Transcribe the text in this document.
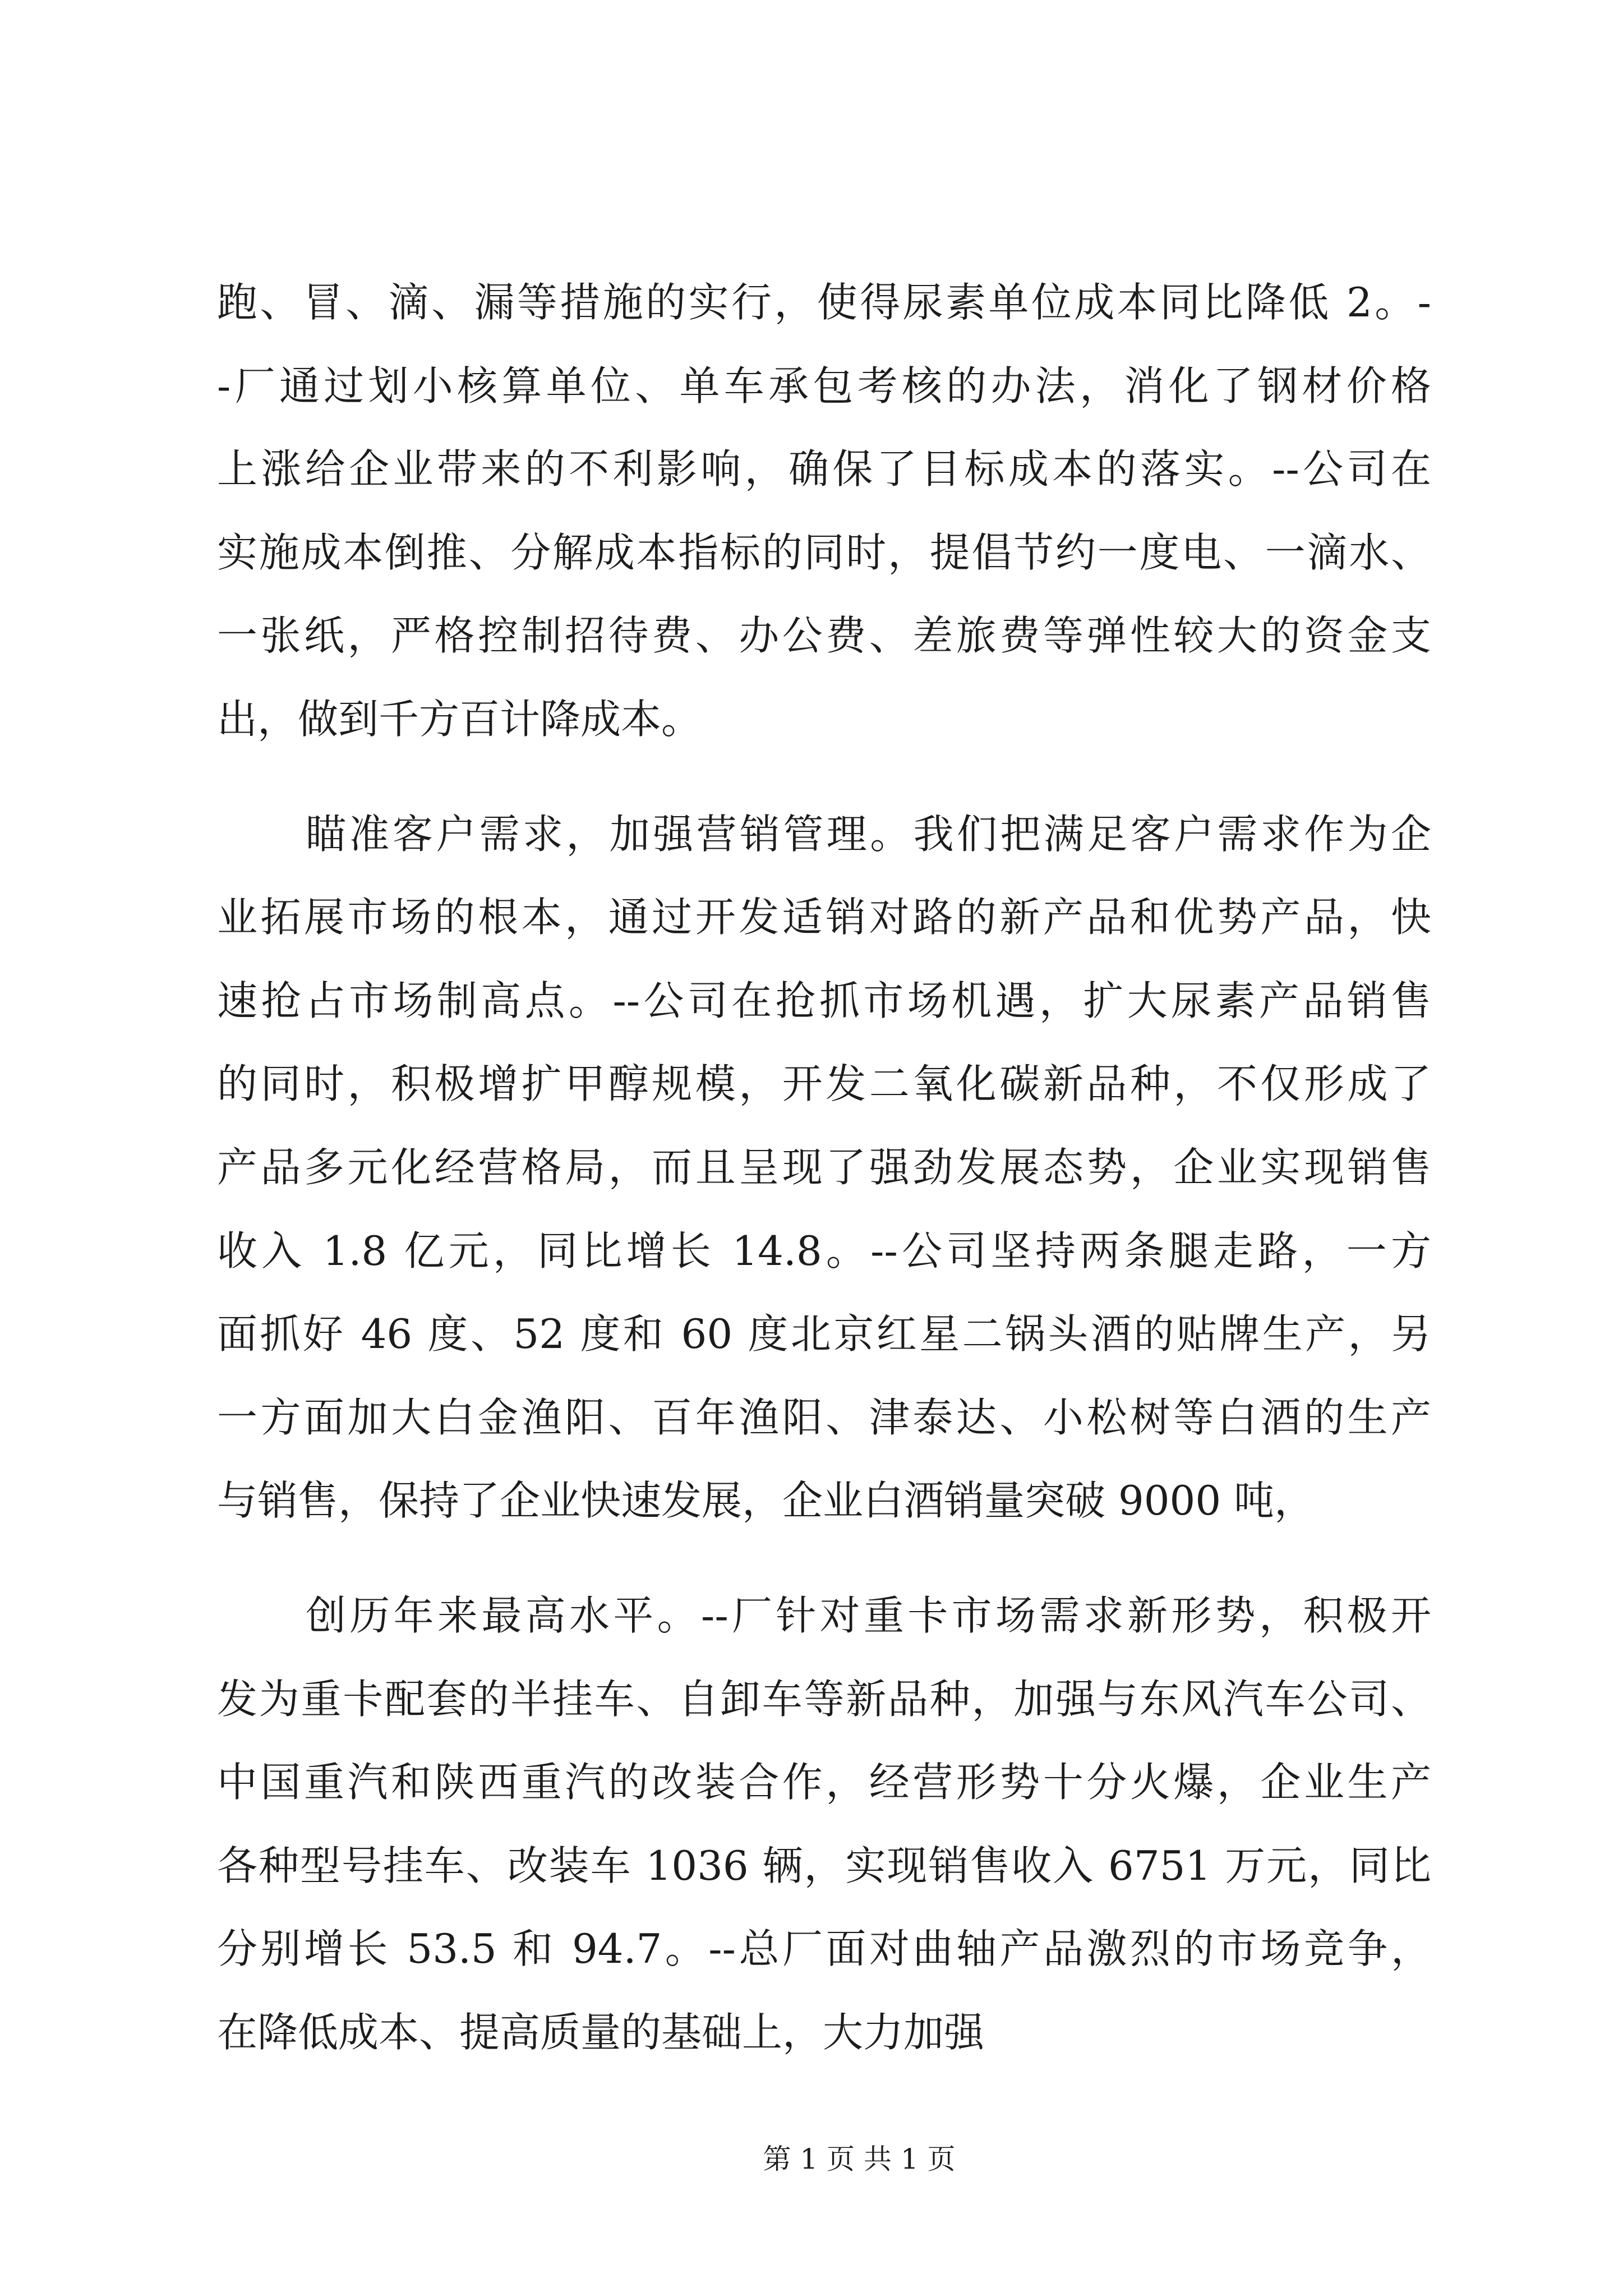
跑、冒、滴、漏等措施的实行，使得尿素单位成本同比降低 2。-
-厂通过划小核算单位、单车承包考核的办法，消化了钢材价格
上涨给企业带来的不利影响，确保了目标成本的落实。--公司在
实施成本倒推、分解成本指标的同时，提倡节约一度电、一滴水、
一张纸，严格控制招待费、办公费、差旅费等弹性较大的资金支
出，做到千方百计降成本。
瞄准客户需求，加强营销管理。我们把满足客户需求作为企
业拓展市场的根本，通过开发适销对路的新产品和优势产品，快
速抢占市场制高点。--公司在抢抓市场机遇，扩大尿素产品销售
的同时，积极增扩甲醇规模，开发二氧化碳新品种，不仅形成了
产品多元化经营格局，而且呈现了强劲发展态势，企业实现销售
收入 1.8 亿元，同比增长 14.8。--公司坚持两条腿走路，一方
面抓好 46 度、52 度和 60 度北京红星二锅头酒的贴牌生产，另
一方面加大白金渔阳、百年渔阳、津泰达、小松树等白酒的生产
与销售，保持了企业快速发展，企业白酒销量突破 9000 吨，
创历年来最高水平。--厂针对重卡市场需求新形势，积极开
发为重卡配套的半挂车、自卸车等新品种，加强与东风汽车公司、
中国重汽和陕西重汽的改装合作，经营形势十分火爆，企业生产
各种型号挂车、改装车 1036 辆，实现销售收入 6751 万元，同比
分别增长 53.5 和 94.7。--总厂面对曲轴产品激烈的市场竞争，
在降低成本、提高质量的基础上，大力加强
第 1 页 共 1 页
